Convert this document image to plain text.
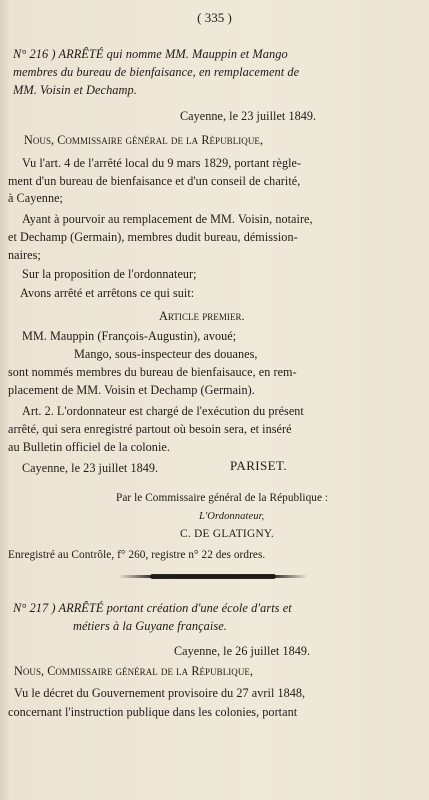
( 335 )
N° 216 ) ARRÊTÉ qui nomme MM. Mauppin et Mango
membres du bureau de bienfaisance, en remplacement de
MM. Voisin et Dechamp.
Cayenne, le 23 juillet 1849.
Nous, Commissaire général de la République,
Vu l'art. 4 de l'arrêté local du 9 mars 1829, portant règle-
ment d'un bureau de bienfaisance et d'un conseil de charité,
à Cayenne;
Ayant à pourvoir au remplacement de MM. Voisin, notaire,
et Dechamp (Germain), membres dudit bureau, démission-
naires;
Sur la proposition de l'ordonnateur;
Avons arrêté et arrêtons ce qui suit:
Article premier.
MM. Mauppin (François-Augustin), avoué;
Mango, sous-inspecteur des douanes,
sont nommés membres du bureau de bienfaisauce, en rem-
placement de MM. Voisin et Dechamp (Germain).
Art. 2. L'ordonnateur est chargé de l'exécution du présent
arrêté, qui sera enregistré partout où besoin sera, et inséré
au Bulletin officiel de la colonie.
Cayenne, le 23 juillet 1849.	PARISET.
Par le Commissaire général de la République :
L'Ordonnateur,
C. DE GLATIGNY.
Enregistré au Contrôle, f° 260, registre n° 22 des ordres.
N° 217 ) ARRÊTÉ portant création d'une école d'arts et
métiers à la Guyane française.
Cayenne, le 26 juillet 1849.
Nous, Commissaire général de la République,
Vu le décret du Gouvernement provisoire du 27 avril 1848,
concernant l'instruction publique dans les colonies, portant
